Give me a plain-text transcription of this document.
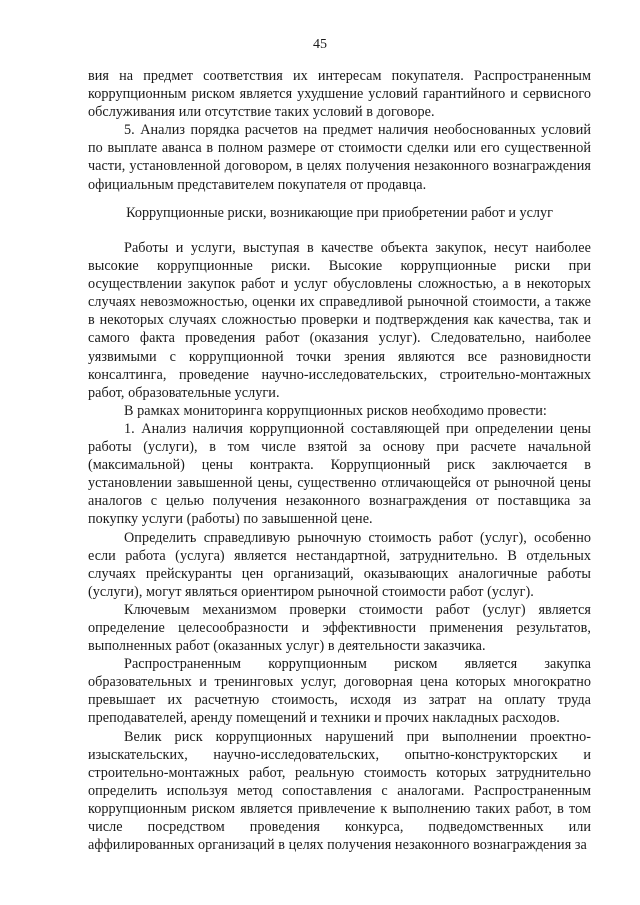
45

вия на предмет соответствия их интересам покупателя. Распространенным коррупционным риском является ухудшение условий гарантийного и сервисного обслуживания или отсутствие таких условий в договоре.

5. Анализ порядка расчетов на предмет наличия необоснованных условий по выплате аванса в полном размере от стоимости сделки или его существенной части, установленной договором, в целях получения незаконного вознаграждения официальным представителем покупателя от продавца.

Коррупционные риски, возникающие при приобретении работ и услуг

Работы и услуги, выступая в качестве объекта закупок, несут наиболее высокие коррупционные риски. Высокие коррупционные риски при осуществлении закупок работ и услуг обусловлены сложностью, а в некоторых случаях невозможностью, оценки их справедливой рыночной стоимости, а также в некоторых случаях сложностью проверки и подтверждения как качества, так и самого факта проведения работ (оказания услуг). Следовательно, наиболее уязвимыми с коррупционной точки зрения являются все разновидности консалтинга, проведение научно-исследовательских, строительно-монтажных работ, образовательные услуги.

В рамках мониторинга коррупционных рисков необходимо провести:

1. Анализ наличия коррупционной составляющей при определении цены работы (услуги), в том числе взятой за основу при расчете начальной (максимальной) цены контракта. Коррупционный риск заключается в установлении завышенной цены, существенно отличающейся от рыночной цены аналогов с целью получения незаконного вознаграждения от поставщика за покупку услуги (работы) по завышенной цене.

Определить справедливую рыночную стоимость работ (услуг), особенно если работа (услуга) является нестандартной, затруднительно. В отдельных случаях прейскуранты цен организаций, оказывающих аналогичные работы (услуги), могут являться ориентиром рыночной стоимости работ (услуг).

Ключевым механизмом проверки стоимости работ (услуг) является определение целесообразности и эффективности применения результатов, выполненных работ (оказанных услуг) в деятельности заказчика.

Распространенным коррупционным риском является закупка образовательных и тренинговых услуг, договорная цена которых многократно превышает их расчетную стоимость, исходя из затрат на оплату труда преподавателей, аренду помещений и техники и прочих накладных расходов.

Велик риск коррупционных нарушений при выполнении проектно-изыскательских, научно-исследовательских, опытно-конструкторских и строительно-монтажных работ, реальную стоимость которых затруднительно определить используя метод сопоставления с аналогами. Распространенным коррупционным риском является привлечение к выполнению таких работ, в том числе посредством проведения конкурса, подведомственных или аффилированных организаций в целях получения незаконного вознаграждения за
